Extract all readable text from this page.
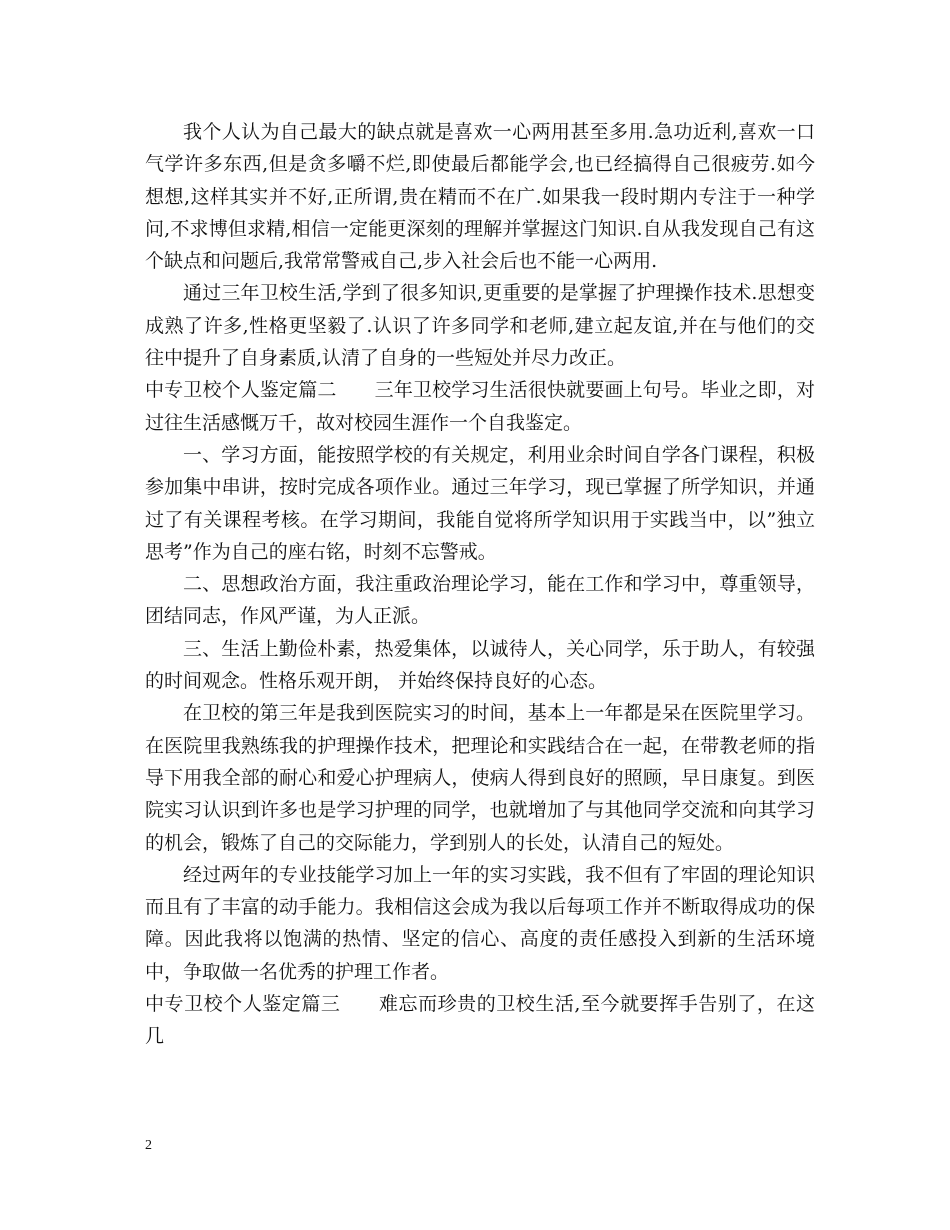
我个人认为自己最大的缺点就是喜欢一心两用甚至多用.急功近利,喜欢一口气学许多东西,但是贪多嚼不烂,即使最后都能学会,也已经搞得自己很疲劳.如今想想,这样其实并不好,正所谓,贵在精而不在广.如果我一段时期内专注于一种学问,不求博但求精,相信一定能更深刻的理解并掌握这门知识.自从我发现自己有这个缺点和问题后,我常常警戒自己,步入社会后也不能一心两用.

通过三年卫校生活,学到了很多知识,更重要的是掌握了护理操作技术.思想变成熟了许多,性格更坚毅了.认识了许多同学和老师,建立起友谊,并在与他们的交往中提升了自身素质,认清了自身的一些短处并尽力改正。

中专卫校个人鉴定篇二 三年卫校学习生活很快就要画上句号。毕业之即，对过往生活感慨万千，故对校园生涯作一个自我鉴定。

一、学习方面，能按照学校的有关规定，利用业余时间自学各门课程，积极参加集中串讲，按时完成各项作业。通过三年学习，现已掌握了所学知识，并通过了有关课程考核。在学习期间，我能自觉将所学知识用于实践当中，以”独立思考”作为自己的座右铭，时刻不忘警戒。

二、思想政治方面，我注重政治理论学习，能在工作和学习中，尊重领导，团结同志，作风严谨，为人正派。

三、生活上勤俭朴素，热爱集体，以诚待人，关心同学，乐于助人，有较强的时间观念。性格乐观开朗， 并始终保持良好的心态。

在卫校的第三年是我到医院实习的时间，基本上一年都是呆在医院里学习。在医院里我熟练我的护理操作技术，把理论和实践结合在一起，在带教老师的指导下用我全部的耐心和爱心护理病人，使病人得到良好的照顾，早日康复。到医院实习认识到许多也是学习护理的同学，也就增加了与其他同学交流和向其学习的机会，锻炼了自己的交际能力，学到别人的长处，认清自己的短处。

经过两年的专业技能学习加上一年的实习实践，我不但有了牢固的理论知识而且有了丰富的动手能力。我相信这会成为我以后每项工作并不断取得成功的保障。因此我将以饱满的热情、坚定的信心、高度的责任感投入到新的生活环境中，争取做一名优秀的护理工作者。

中专卫校个人鉴定篇三 难忘而珍贵的卫校生活,至今就要挥手告别了，在这几

2
